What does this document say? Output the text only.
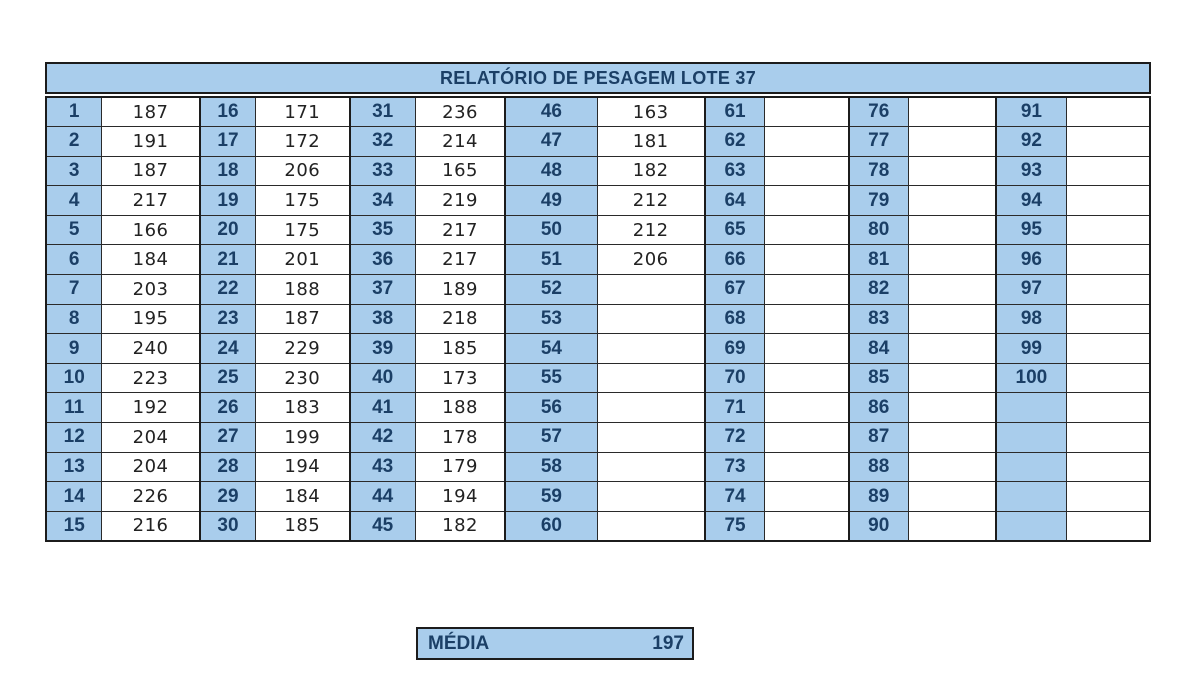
RELATÓRIO DE PESAGEM LOTE 37
1	187	16	171	31	236	46	163	61		76		91	
2	191	17	172	32	214	47	181	62		77		92	
3	187	18	206	33	165	48	182	63		78		93	
4	217	19	175	34	219	49	212	64		79		94	
5	166	20	175	35	217	50	212	65		80		95	
6	184	21	201	36	217	51	206	66		81		96	
7	203	22	188	37	189	52		67		82		97	
8	195	23	187	38	218	53		68		83		98	
9	240	24	229	39	185	54		69		84		99	
10	223	25	230	40	173	55		70		85		100	
11	192	26	183	41	188	56		71		86			
12	204	27	199	42	178	57		72		87			
13	204	28	194	43	179	58		73		88			
14	226	29	184	44	194	59		74		89			
15	216	30	185	45	182	60		75		90			
MÉDIA	197
